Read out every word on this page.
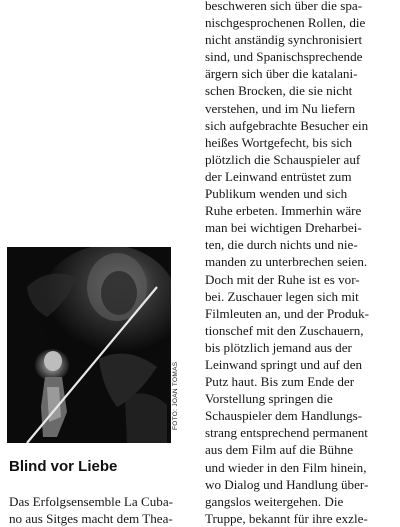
beschweren sich über die spa-
nischgesprochenen Rollen, die
nicht anständig synchronisiert
sind, und Spanischsprechende
ärgern sich über die katalani-
schen Brocken, die sie nicht
verstehen, und im Nu liefern
sich aufgebrachte Besucher ein
heißes Wortgefecht, bis sich
plötzlich die Schauspieler auf
der Leinwand entrüstet zum
Publikum wenden und sich
Ruhe erbeten. Immerhin wäre
man bei wichtigen Dreharbei-
ten, die durch nichts und nie-
manden zu unterbrechen seien.
Doch mit der Ruhe ist es vor-
bei. Zuschauer legen sich mit
Filmleuten an, und der Produk-
tionschef mit den Zuschauern,
bis plötzlich jemand aus der
Leinwand springt und auf den
Putz haut. Bis zum Ende der
Vorstellung springen die
Schauspieler dem Handlungs-
strang entsprechend permanent
aus dem Film auf die Bühne
und wieder in den Film hinein,
wo Dialog und Handlung über-
gangslos weitergehen. Die
Truppe, bekannt für ihre exzle-
FOTO: JOAN TOMAS
Blind vor Liebe
Das Erfolgsensemble La Cuba-
no aus Sitges macht dem Thea-
